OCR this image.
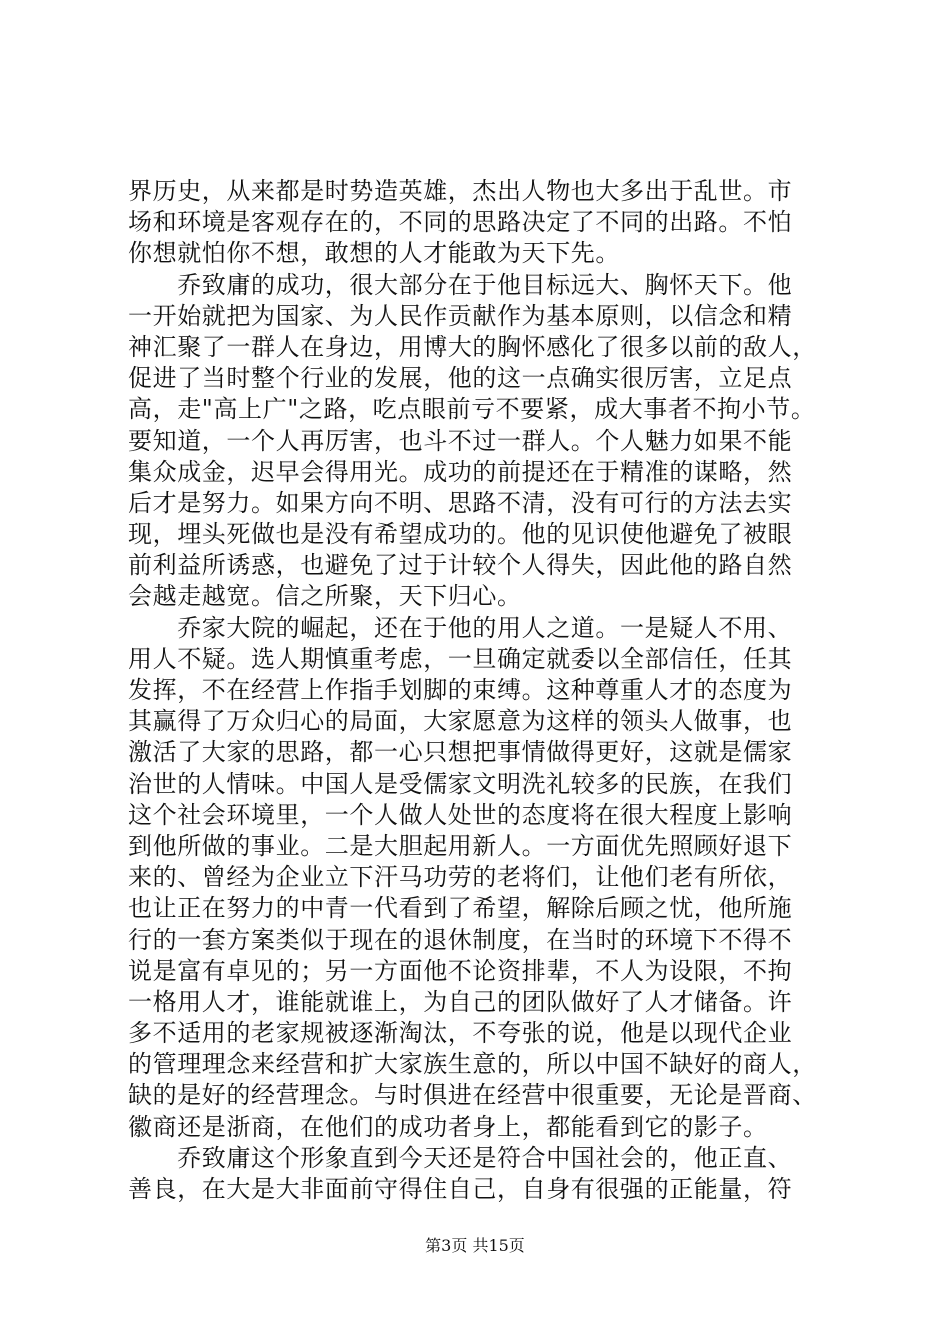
界历史，从来都是时势造英雄，杰出人物也大多出于乱世。市
场和环境是客观存在的，不同的思路决定了不同的出路。不怕
你想就怕你不想，敢想的人才能敢为天下先。
　　乔致庸的成功，很大部分在于他目标远大、胸怀天下。他
一开始就把为国家、为人民作贡献作为基本原则，以信念和精
神汇聚了一群人在身边，用博大的胸怀感化了很多以前的敌人，
促进了当时整个行业的发展，他的这一点确实很厉害，立足点
高，走"高上广"之路，吃点眼前亏不要紧，成大事者不拘小节。
要知道，一个人再厉害，也斗不过一群人。个人魅力如果不能
集众成金，迟早会得用光。成功的前提还在于精准的谋略，然
后才是努力。如果方向不明、思路不清，没有可行的方法去实
现，埋头死做也是没有希望成功的。他的见识使他避免了被眼
前利益所诱惑，也避免了过于计较个人得失，因此他的路自然
会越走越宽。信之所聚，天下归心。
　　乔家大院的崛起，还在于他的用人之道。一是疑人不用、
用人不疑。选人期慎重考虑，一旦确定就委以全部信任，任其
发挥，不在经营上作指手划脚的束缚。这种尊重人才的态度为
其赢得了万众归心的局面，大家愿意为这样的领头人做事，也
激活了大家的思路，都一心只想把事情做得更好，这就是儒家
治世的人情味。中国人是受儒家文明洗礼较多的民族，在我们
这个社会环境里，一个人做人处世的态度将在很大程度上影响
到他所做的事业。二是大胆起用新人。一方面优先照顾好退下
来的、曾经为企业立下汗马功劳的老将们，让他们老有所依，
也让正在努力的中青一代看到了希望，解除后顾之忧，他所施
行的一套方案类似于现在的退休制度，在当时的环境下不得不
说是富有卓见的；另一方面他不论资排辈，不人为设限，不拘
一格用人才，谁能就谁上，为自己的团队做好了人才储备。许
多不适用的老家规被逐渐淘汰，不夸张的说，他是以现代企业
的管理理念来经营和扩大家族生意的，所以中国不缺好的商人，
缺的是好的经营理念。与时俱进在经营中很重要，无论是晋商、
徽商还是浙商，在他们的成功者身上，都能看到它的影子。
　　乔致庸这个形象直到今天还是符合中国社会的，他正直、
善良，在大是大非面前守得住自己，自身有很强的正能量，符
第3页 共15页
